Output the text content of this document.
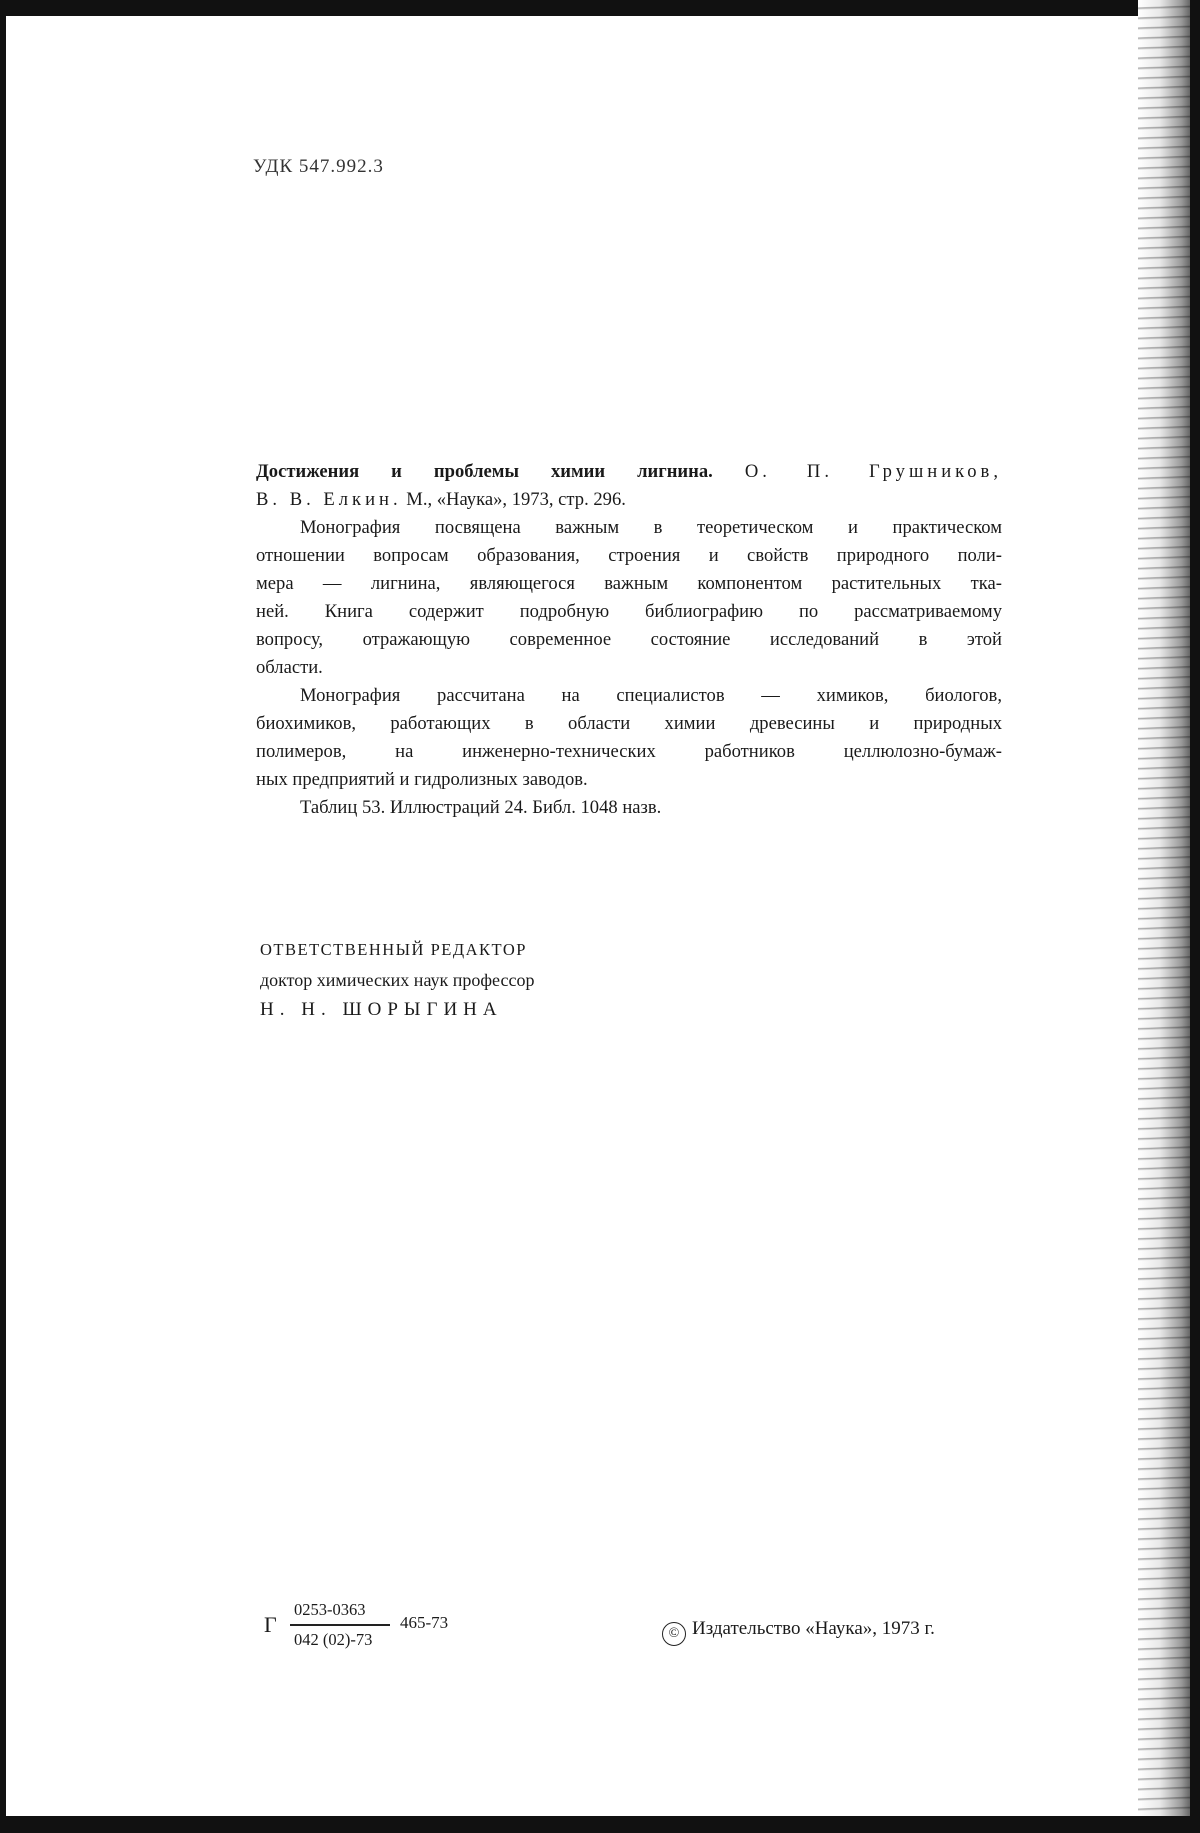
УДК 547.992.3
Достижения и проблемы химии лигнина. О. П. Грушников,
В. В. Елкин. М., «Наука», 1973, стр. 296.
Монография посвящена важным в теоретическом и практическом
отношении вопросам образования, строения и свойств природного поли-
мера — лигнина, являющегося важным компонентом растительных тка-
ней. Книга содержит подробную библиографию по рассматриваемому
вопросу, отражающую современное состояние исследований в этой
области.
Монография рассчитана на специалистов — химиков, биологов,
биохимиков, работающих в области химии древесины и природных
полимеров, на инженерно-технических работников целлюлозно-бумаж-
ных предприятий и гидролизных заводов.
Таблиц 53. Иллюстраций 24. Библ. 1048 назв.
ОТВЕТСТВЕННЫЙ РЕДАКТОР
доктор химических наук профессор
Н. Н. ШОРЫГИНА
Г
0253-0363
042 (02)-73
465-73
© Издательство «Наука», 1973 г.
